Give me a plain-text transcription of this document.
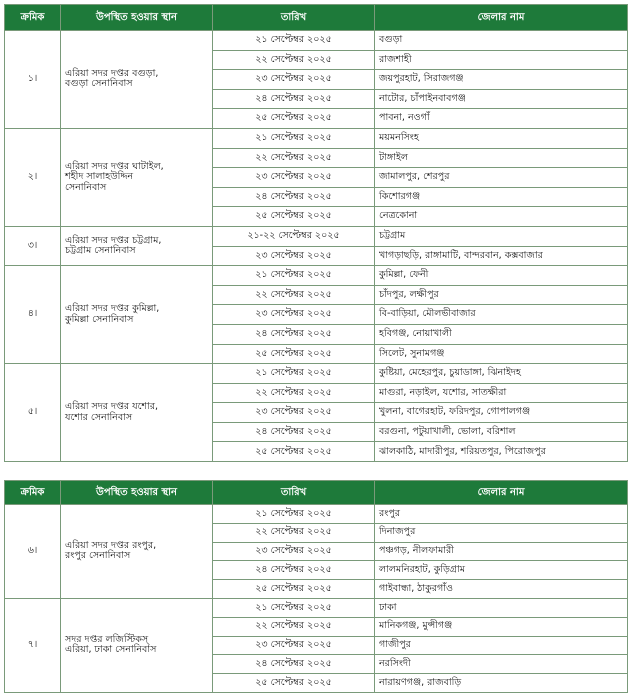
ক্রমিক	উপস্থিত হওয়ার স্থান	তারিখ	জেলার নাম
১।	এরিয়া সদর দপ্তর বগুড়া,
বগুড়া সেনানিবাস	২১ সেপ্টেম্বর ২০২৫	বগুড়া
		২২ সেপ্টেম্বর ২০২৫	রাজশাহী
		২৩ সেপ্টেম্বর ২০২৫	জয়পুরহাট, সিরাজগঞ্জ
		২৪ সেপ্টেম্বর ২০২৫	নাটোর, চাঁপাইনবাবগঞ্জ
		২৫ সেপ্টেম্বর ২০২৫	পাবনা, নওগাঁ
২।	এরিয়া সদর দপ্তর ঘাটাইল,
শহীদ সালাহউদ্দিন
সেনানিবাস	২১ সেপ্টেম্বর ২০২৫	ময়মনসিংহ
		২২ সেপ্টেম্বর ২০২৫	টাঙ্গাইল
		২৩ সেপ্টেম্বর ২০২৫	জামালপুর, শেরপুর
		২৪ সেপ্টেম্বর ২০২৫	কিশোরগঞ্জ
		২৫ সেপ্টেম্বর ২০২৫	নেত্রকোনা
৩।	এরিয়া সদর দপ্তর চট্টগ্রাম,
চট্টগ্রাম সেনানিবাস	২১-২২ সেপ্টেম্বর ২০২৫	চট্টগ্রাম
		২৩ সেপ্টেম্বর ২০২৫	খাগড়াছড়ি, রাঙ্গামাটি, বান্দরবান, কক্সবাজার
৪।	এরিয়া সদর দপ্তর কুমিল্লা,
কুমিল্লা সেনানিবাস	২১ সেপ্টেম্বর ২০২৫	কুমিল্লা, ফেনী
		২২ সেপ্টেম্বর ২০২৫	চাঁদপুর, লক্ষীপুর
		২৩ সেপ্টেম্বর ২০২৫	বি-বাড়িয়া, মৌলভীবাজার
		২৪ সেপ্টেম্বর ২০২৫	হবিগঞ্জ, নোয়াখালী
		২৫ সেপ্টেম্বর ২০২৫	সিলেট, সুনামগঞ্জ
৫।	এরিয়া সদর দপ্তর যশোর,
যশোর সেনানিবাস	২১ সেপ্টেম্বর ২০২৫	কুষ্টিয়া, মেহেরপুর, চুয়াডাঙ্গা, ঝিনাইদহ
		২২ সেপ্টেম্বর ২০২৫	মাগুরা, নড়াইল, যশোর, সাতক্ষীরা
		২৩ সেপ্টেম্বর ২০২৫	খুলনা, বাগেরহাট, ফরিদপুর, গোপালগঞ্জ
		২৪ সেপ্টেম্বর ২০২৫	বরগুনা, পটুয়াখালী, ভোলা, বরিশাল
		২৫ সেপ্টেম্বর ২০২৫	ঝালকাঠি, মাদারীপুর, শরিয়তপুর, পিরোজপুর
ক্রমিক	উপস্থিত হওয়ার স্থান	তারিখ	জেলার নাম
৬।	এরিয়া সদর দপ্তর রংপুর,
রংপুর সেনানিবাস	২১ সেপ্টেম্বর ২০২৫	রংপুর
		২২ সেপ্টেম্বর ২০২৫	দিনাজপুর
		২৩ সেপ্টেম্বর ২০২৫	পঞ্চগড়, নীলফামারী
		২৪ সেপ্টেম্বর ২০২৫	লালমনিরহাট, কুড়িগ্রাম
		২৫ সেপ্টেম্বর ২০২৫	গাইবান্ধা, ঠাকুরগাঁও
৭।	সদর দপ্তর লজিস্টিকস্
এরিয়া, ঢাকা সেনানিবাস	২১ সেপ্টেম্বর ২০২৫	ঢাকা
		২২ সেপ্টেম্বর ২০২৫	মানিকগঞ্জ, মুন্সীগঞ্জ
		২৩ সেপ্টেম্বর ২০২৫	গাজীপুর
		২৪ সেপ্টেম্বর ২০২৫	নরসিংদী
		২৫ সেপ্টেম্বর ২০২৫	নারায়ণগঞ্জ, রাজবাড়ি
